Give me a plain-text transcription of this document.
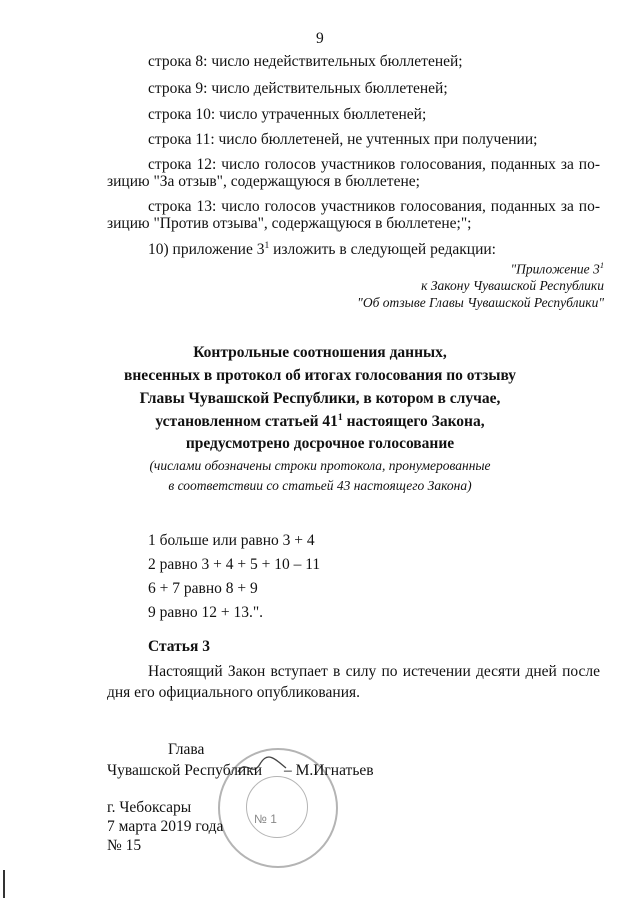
9
строка 8: число недействительных бюллетеней;
строка 9: число действительных бюллетеней;
строка 10: число утраченных бюллетеней;
строка 11: число бюллетеней, не учтенных при получении;
строка 12: число голосов участников голосования, поданных за по-
зицию "За отзыв", содержащуюся в бюллетене;
строка 13: число голосов участников голосования, поданных за по-
зицию "Против отзыва", содержащуюся в бюллетене;";
10) приложение $3^1$ изложить в следующей редакции:
"Приложение $3^1$
к Закону Чувашской Республики
"Об отзыве Главы Чувашской Республики"
Контрольные соотношения данных,
внесенных в протокол об итогах голосования по отзыву
Главы Чувашской Республики, в котором в случае,
установленном статьей $41^1$ настоящего Закона,
предусмотрено досрочное голосование
(числами обозначены строки протокола, пронумерованные
в соответствии со статьей 43 настоящего Закона)
1 больше или равно 3 + 4
2 равно 3 + 4 + 5 + 10 – 11
6 + 7 равно 8 + 9
9 равно 12 + 13.".
Статья 3
Настоящий Закон вступает в силу по истечении десяти дней после
дня его официального опубликования.
№ 1
Глава
Чувашской Республики – М.Игнатьев
г. Чебоксары
7 марта 2019 года
№ 15
